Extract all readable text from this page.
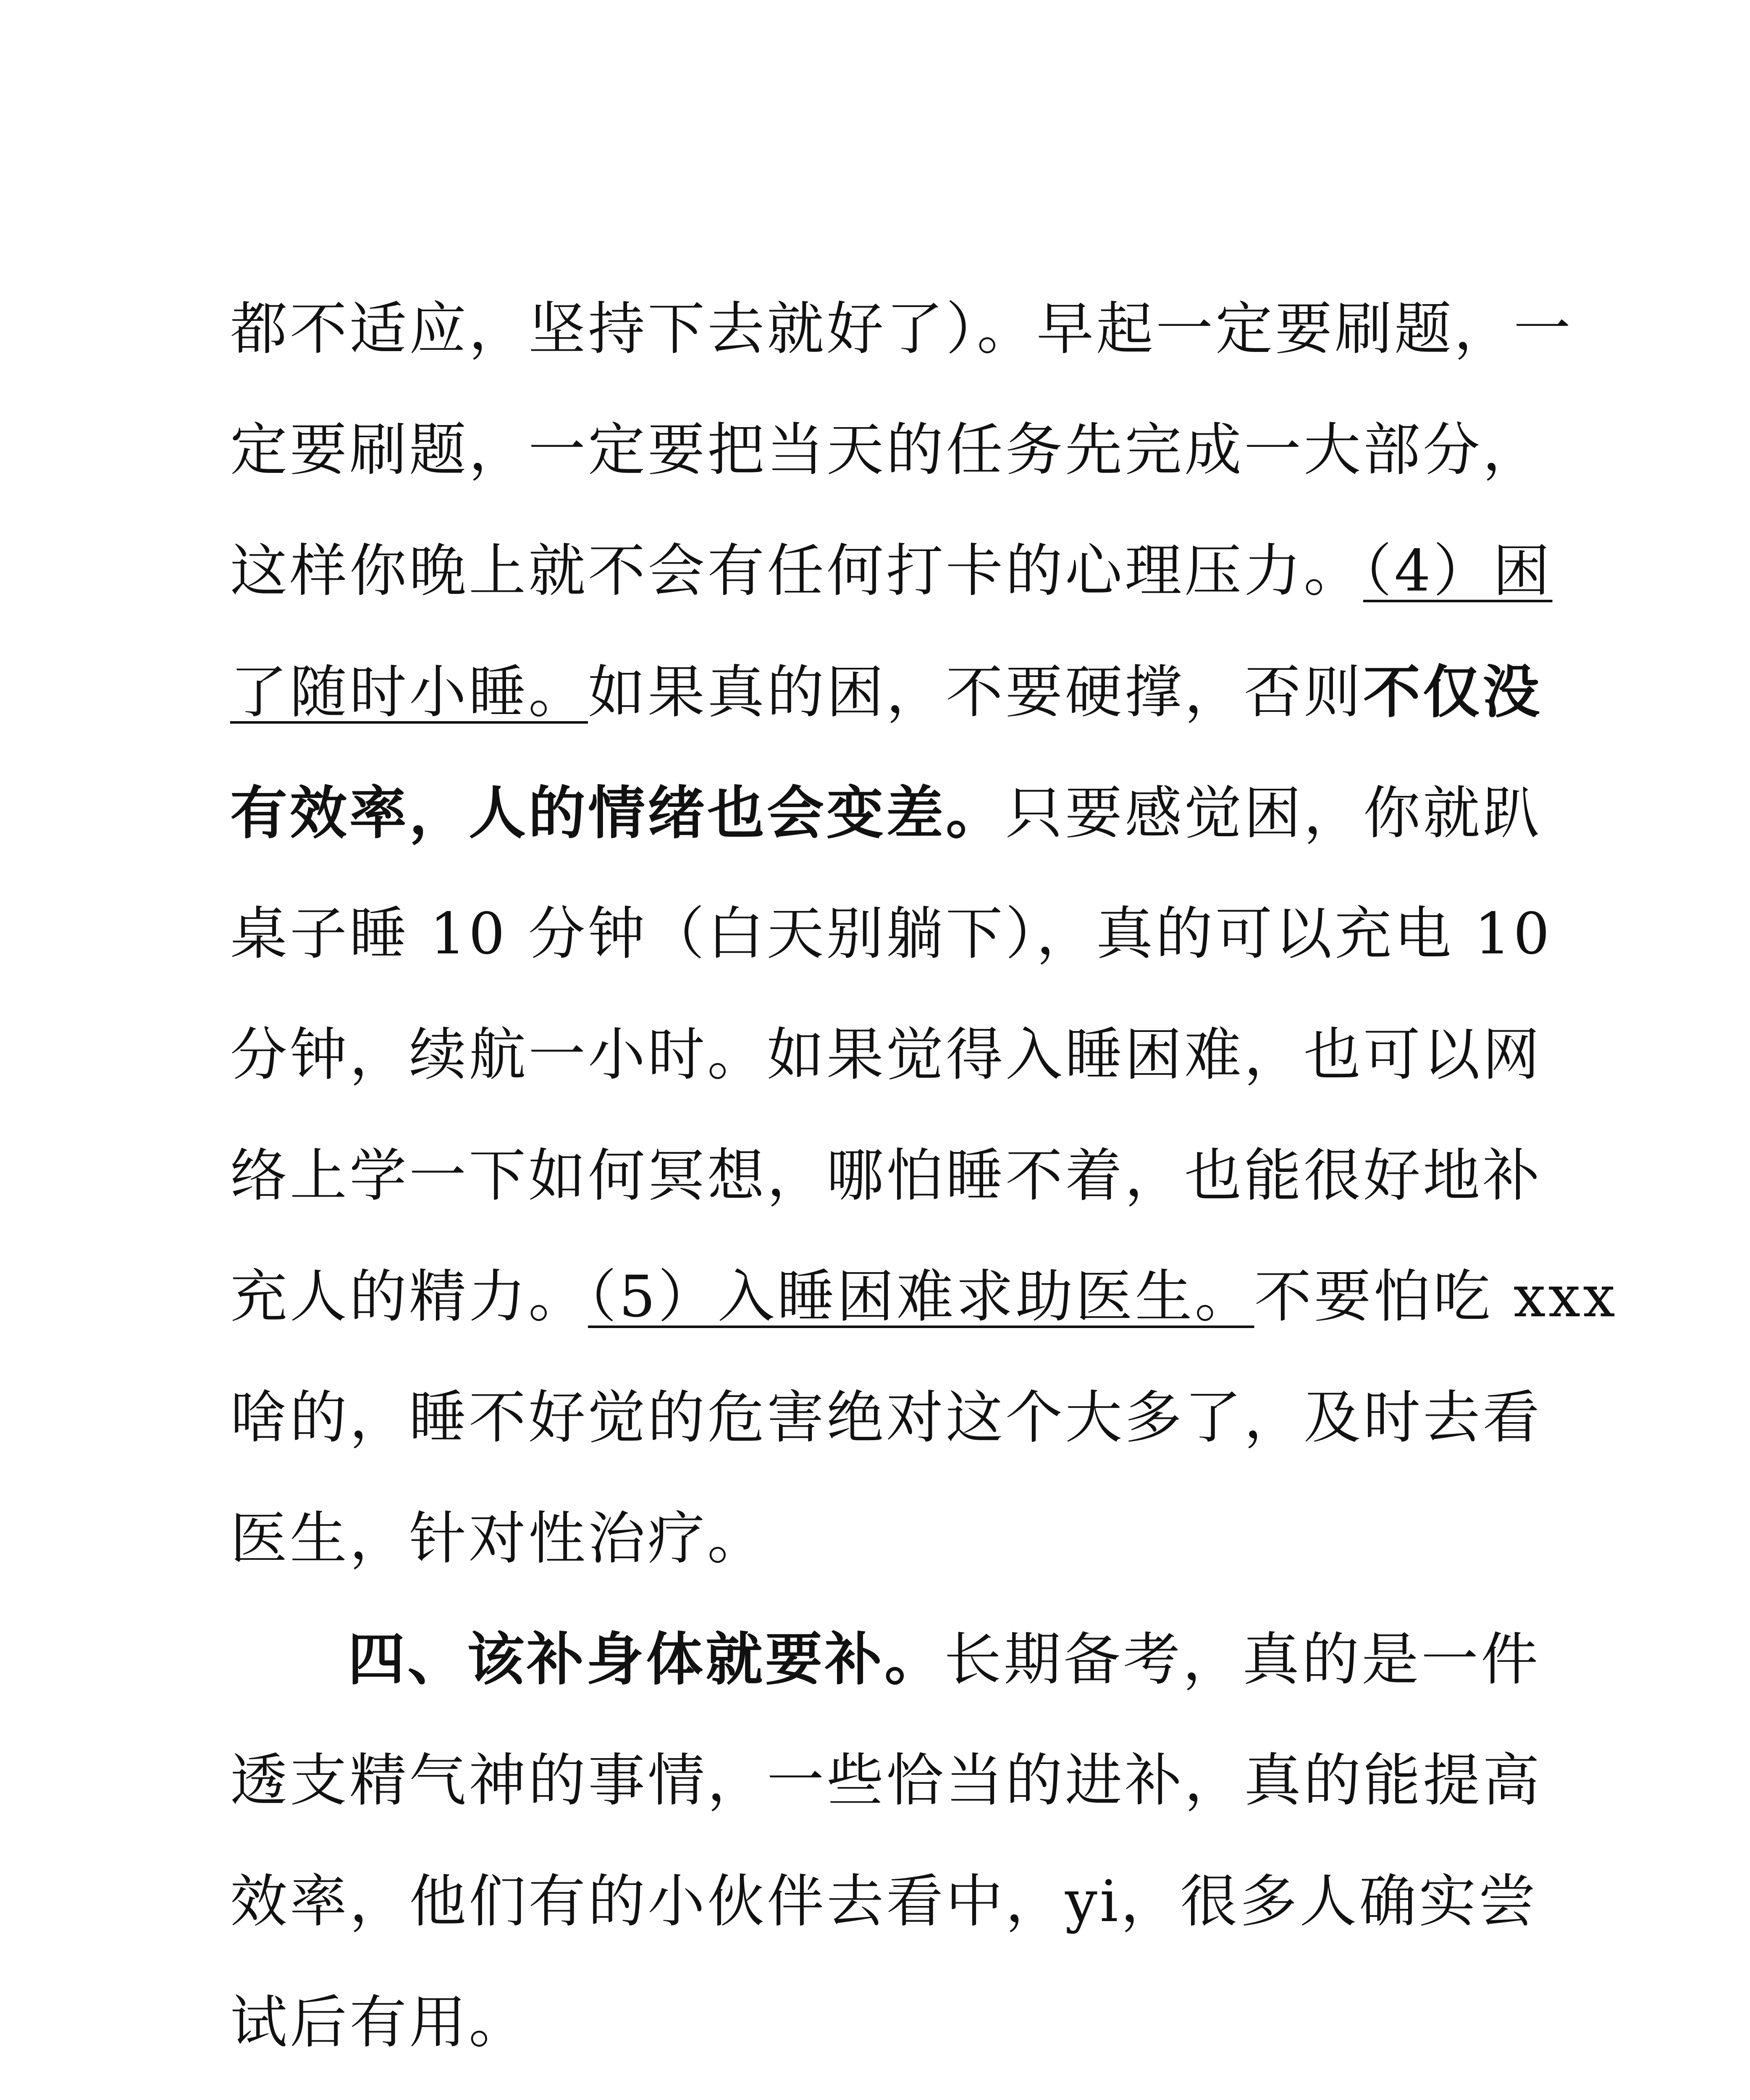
都不适应，坚持下去就好了）。早起一定要刷题，一
定要刷题，一定要把当天的任务先完成一大部分，
这样你晚上就不会有任何打卡的心理压力。（4）困
了随时小睡。如果真的困，不要硬撑，否则不仅没
有效率，人的情绪也会变差。只要感觉困，你就趴
桌子睡 10 分钟（白天别躺下），真的可以充电 10
分钟，续航一小时。如果觉得入睡困难，也可以网
络上学一下如何冥想，哪怕睡不着，也能很好地补
充人的精力。（5）入睡困难求助医生。不要怕吃 xxx
啥的，睡不好觉的危害绝对这个大多了，及时去看
医生，针对性治疗。
四、该补身体就要补。长期备考，真的是一件
透支精气神的事情，一些恰当的进补，真的能提高
效率，他们有的小伙伴去看中，yi，很多人确实尝
试后有用。
